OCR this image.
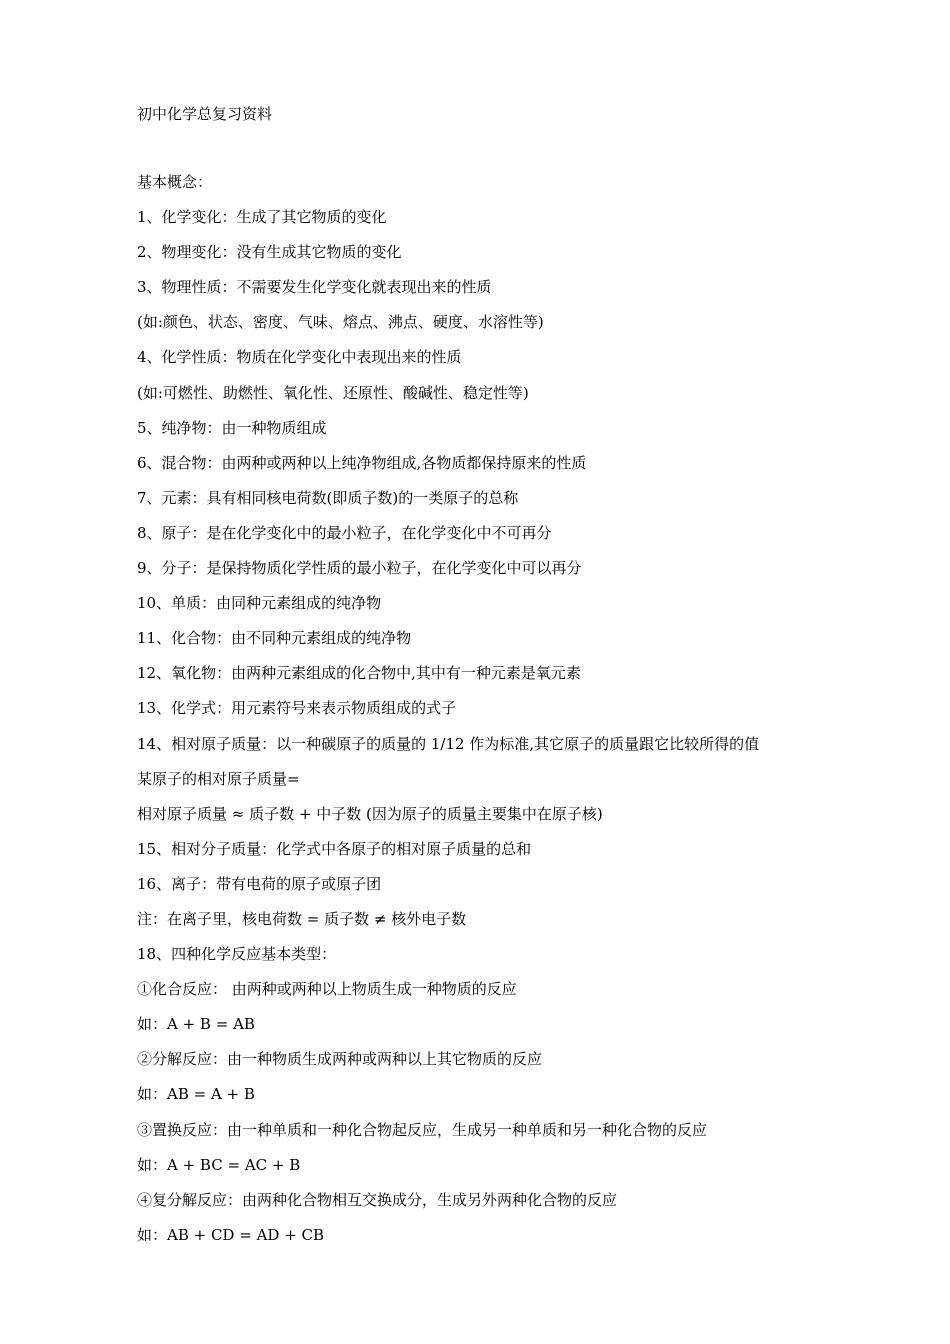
初中化学总复习资料
基本概念：
1、化学变化：生成了其它物质的变化
2、物理变化：没有生成其它物质的变化
3、物理性质：不需要发生化学变化就表现出来的性质
(如:颜色、状态、密度、气味、熔点、沸点、硬度、水溶性等)
4、化学性质：物质在化学变化中表现出来的性质
(如:可燃性、助燃性、氧化性、还原性、酸碱性、稳定性等)
5、纯净物：由一种物质组成
6、混合物：由两种或两种以上纯净物组成,各物质都保持原来的性质
7、元素：具有相同核电荷数(即质子数)的一类原子的总称
8、原子：是在化学变化中的最小粒子，在化学变化中不可再分
9、分子：是保持物质化学性质的最小粒子，在化学变化中可以再分
10、单质：由同种元素组成的纯净物
11、化合物：由不同种元素组成的纯净物
12、氧化物：由两种元素组成的化合物中,其中有一种元素是氧元素
13、化学式：用元素符号来表示物质组成的式子
14、相对原子质量：以一种碳原子的质量的 1/12 作为标准,其它原子的质量跟它比较所得的值
某原子的相对原子质量=
相对原子质量 ≈ 质子数 + 中子数 (因为原子的质量主要集中在原子核)
15、相对分子质量：化学式中各原子的相对原子质量的总和
16、离子：带有电荷的原子或原子团
注：在离子里，核电荷数 = 质子数 ≠ 核外电子数
18、四种化学反应基本类型：
①化合反应： 由两种或两种以上物质生成一种物质的反应
如：A + B = AB
②分解反应：由一种物质生成两种或两种以上其它物质的反应
如：AB = A + B
③置换反应：由一种单质和一种化合物起反应，生成另一种单质和另一种化合物的反应
如：A + BC = AC + B
④复分解反应：由两种化合物相互交换成分，生成另外两种化合物的反应
如：AB + CD = AD + CB
